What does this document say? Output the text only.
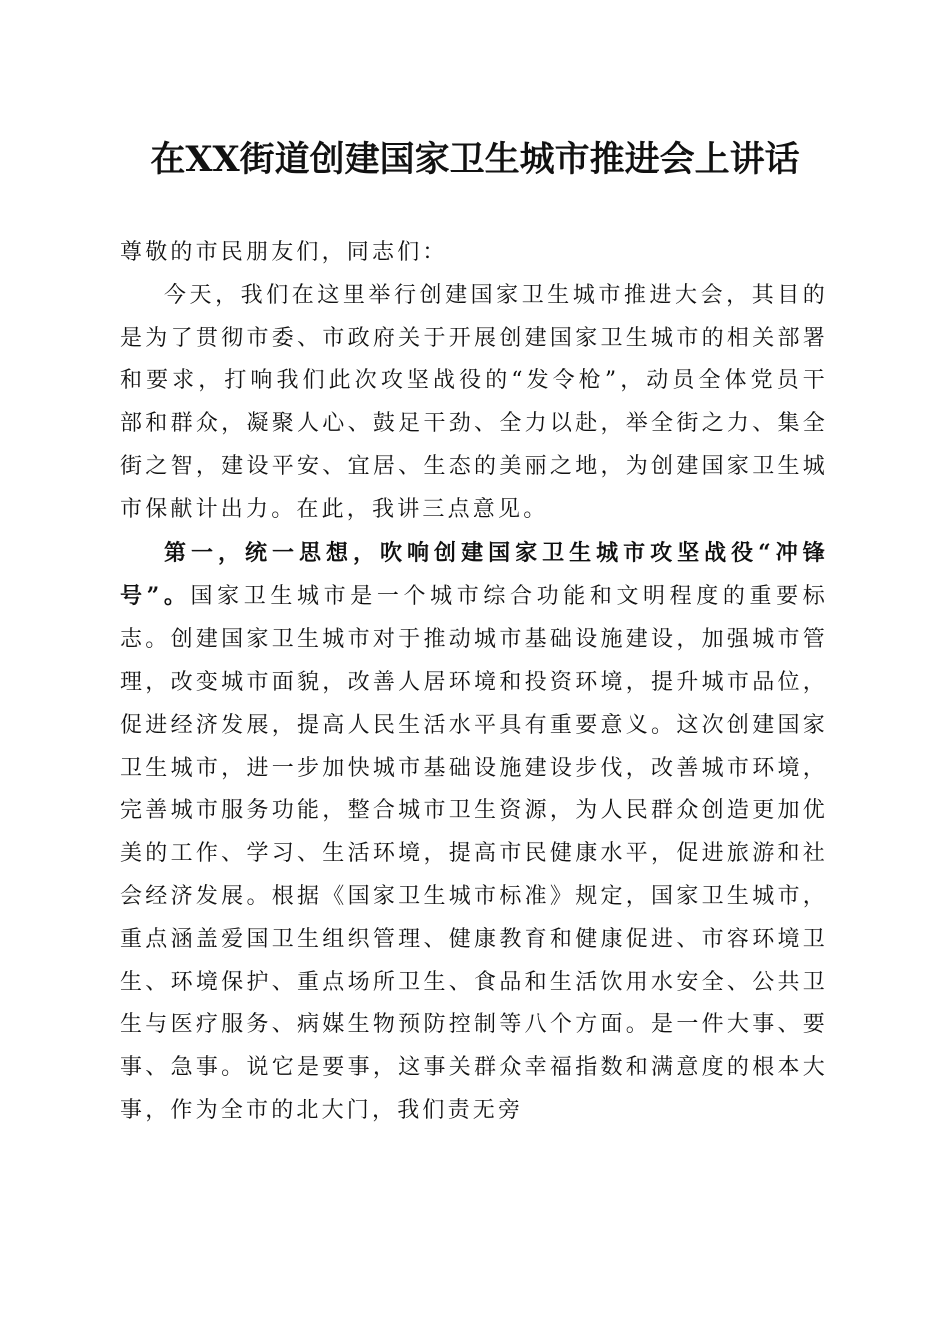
在XX街道创建国家卫生城市推进会上讲话

尊敬的市民朋友们，同志们：

今天，我们在这里举行创建国家卫生城市推进大会，其目的是为了贯彻市委、市政府关于开展创建国家卫生城市的相关部署和要求，打响我们此次攻坚战役的“发令枪”，动员全体党员干部和群众，凝聚人心、鼓足干劲、全力以赴，举全街之力、集全街之智，建设平安、宜居、生态的美丽之地，为创建国家卫生城市保献计出力。在此，我讲三点意见。

第一，统一思想，吹响创建国家卫生城市攻坚战役“冲锋号”。国家卫生城市是一个城市综合功能和文明程度的重要标志。创建国家卫生城市对于推动城市基础设施建设，加强城市管理，改变城市面貌，改善人居环境和投资环境，提升城市品位，促进经济发展，提高人民生活水平具有重要意义。这次创建国家卫生城市，进一步加快城市基础设施建设步伐，改善城市环境，完善城市服务功能，整合城市卫生资源，为人民群众创造更加优美的工作、学习、生活环境，提高市民健康水平，促进旅游和社会经济发展。根据《国家卫生城市标准》规定，国家卫生城市，重点涵盖爱国卫生组织管理、健康教育和健康促进、市容环境卫生、环境保护、重点场所卫生、食品和生活饮用水安全、公共卫生与医疗服务、病媒生物预防控制等八个方面。是一件大事、要事、急事。说它是要事，这事关群众幸福指数和满意度的根本大事，作为全市的北大门，我们责无旁
